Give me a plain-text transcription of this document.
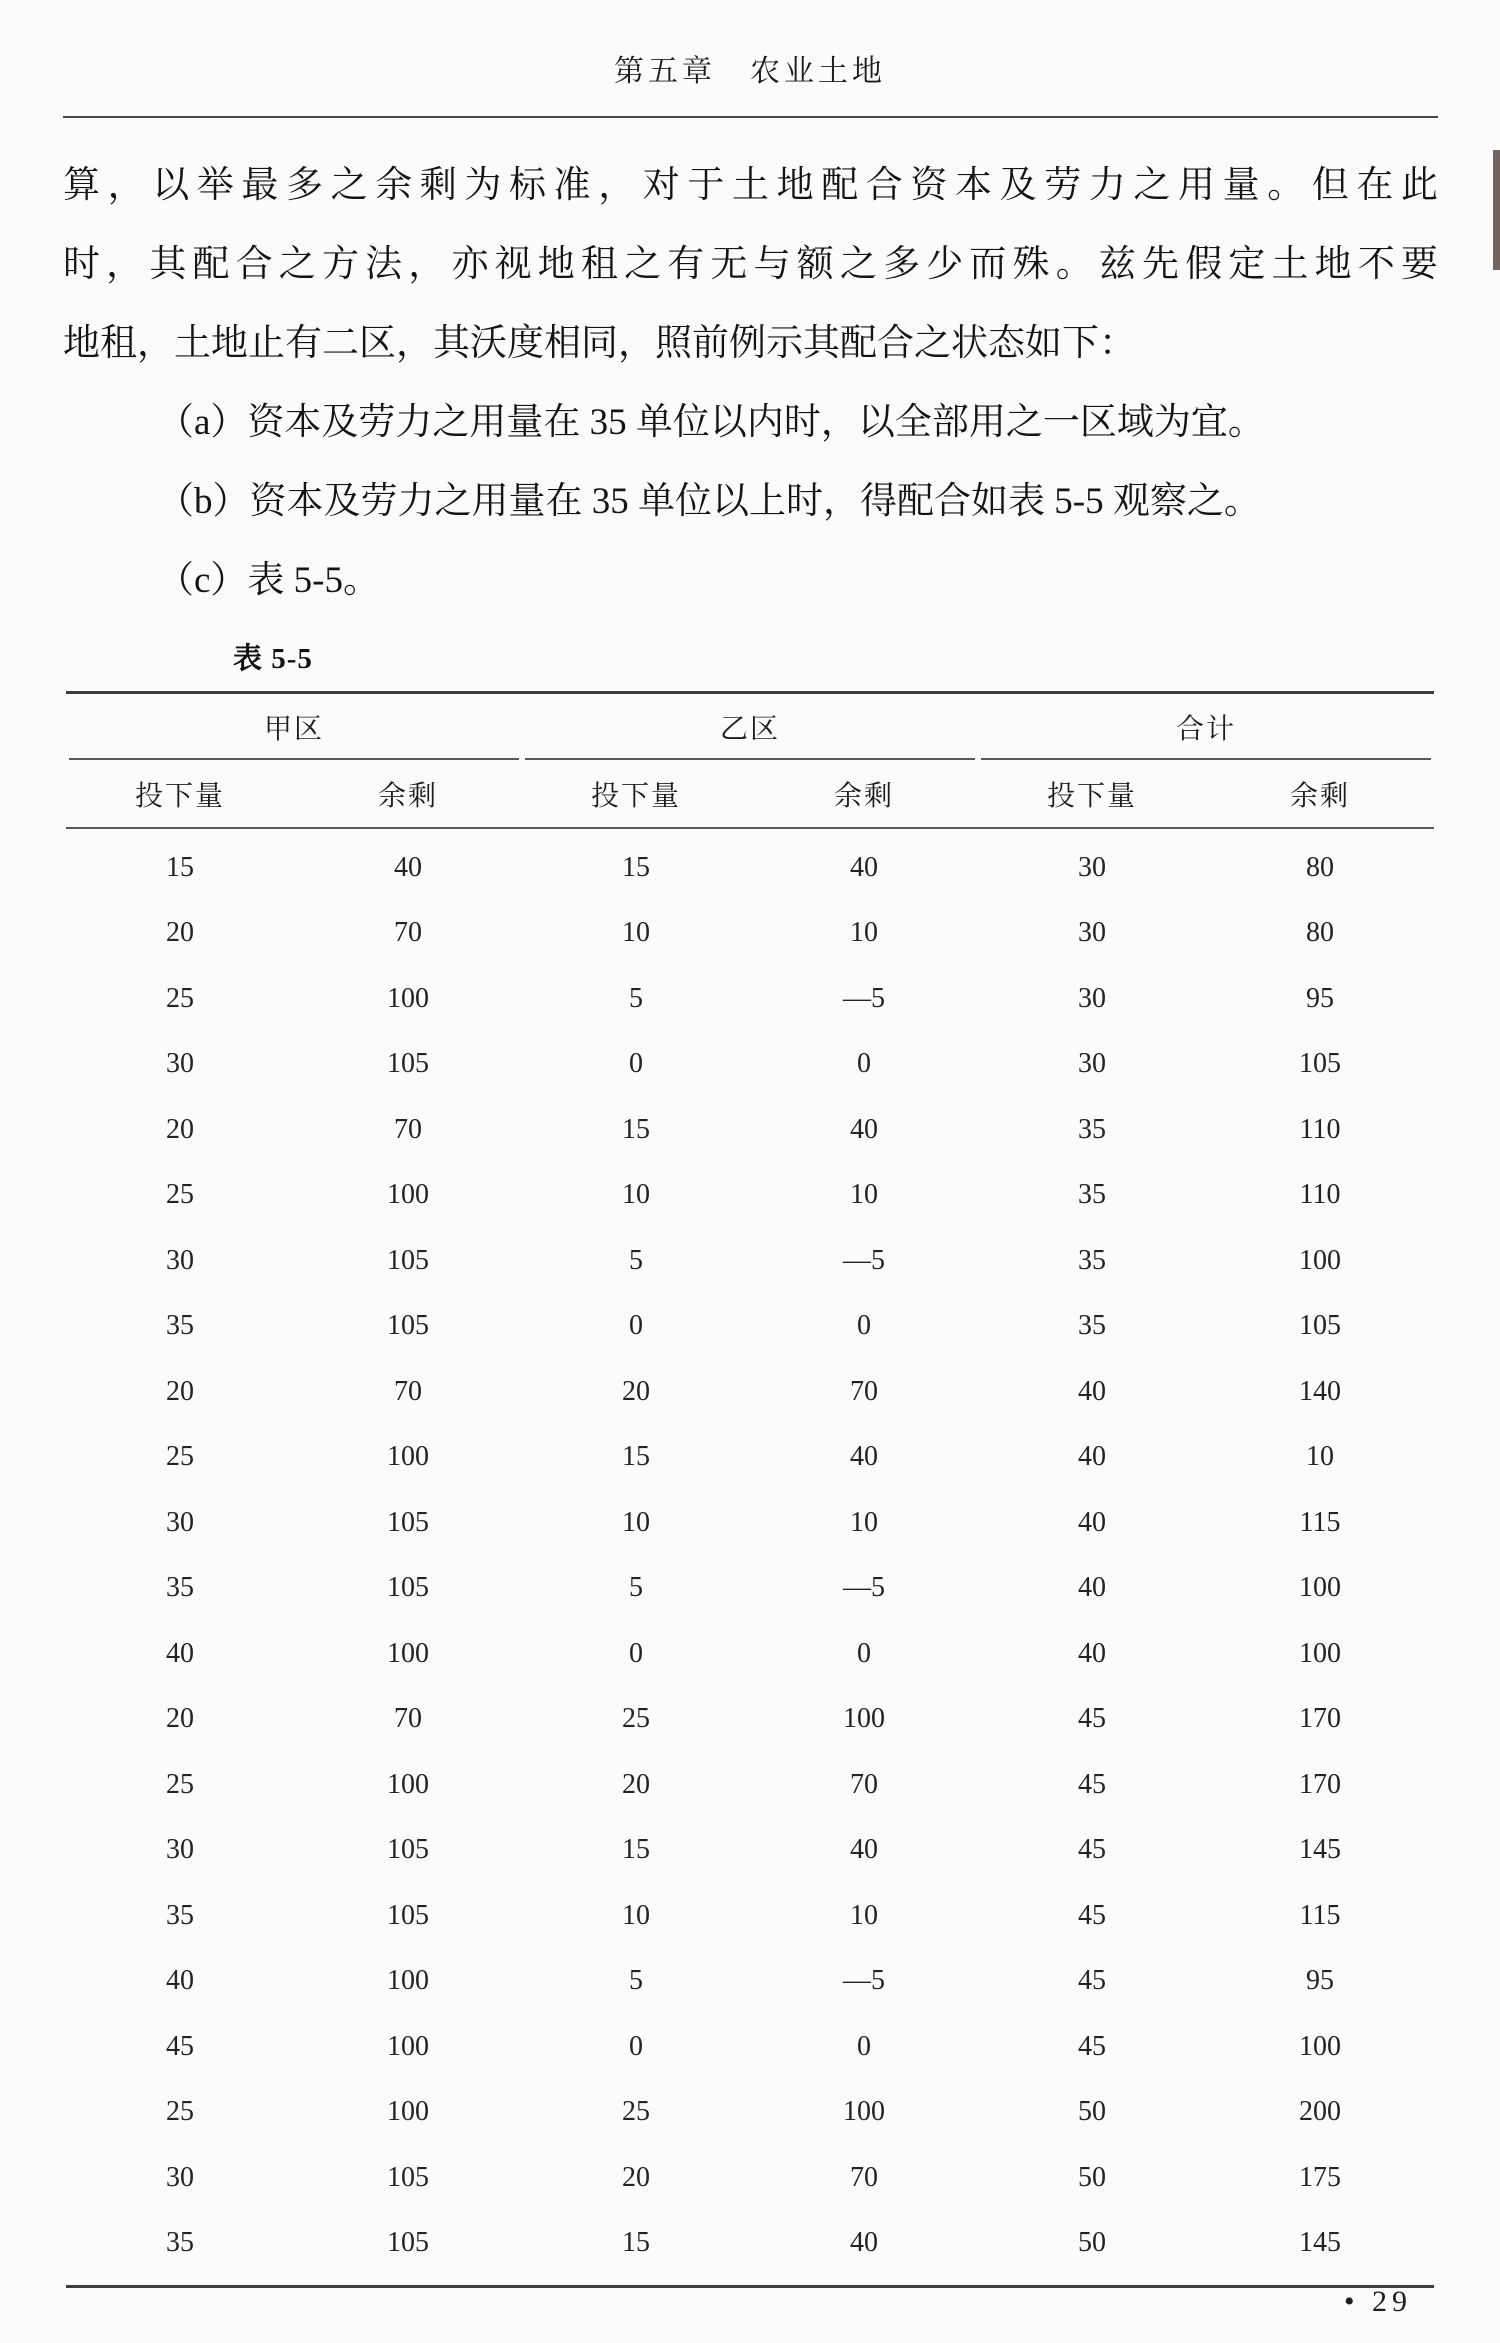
第五章　农业土地
算，以举最多之余剩为标准，对于土地配合资本及劳力之用量。但在此
时，其配合之方法，亦视地租之有无与额之多少而殊。兹先假定土地不要
地租，土地止有二区，其沃度相同，照前例示其配合之状态如下：
（a）资本及劳力之用量在 35 单位以内时，以全部用之一区域为宜。
（b）资本及劳力之用量在 35 单位以上时，得配合如表 5-5 观察之。
（c）表 5-5。
表 5-5
甲区	乙区	合计
投下量	余剩	投下量	余剩	投下量	余剩
15	40	15	40	30	80
20	70	10	10	30	80
25	100	5	—5	30	95
30	105	0	0	30	105
20	70	15	40	35	110
25	100	10	10	35	110
30	105	5	—5	35	100
35	105	0	0	35	105
20	70	20	70	40	140
25	100	15	40	40	10
30	105	10	10	40	115
35	105	5	—5	40	100
40	100	0	0	40	100
20	70	25	100	45	170
25	100	20	70	45	170
30	105	15	40	45	145
35	105	10	10	45	115
40	100	5	—5	45	95
45	100	0	0	45	100
25	100	25	100	50	200
30	105	20	70	50	175
35	105	15	40	50	145
• 29
